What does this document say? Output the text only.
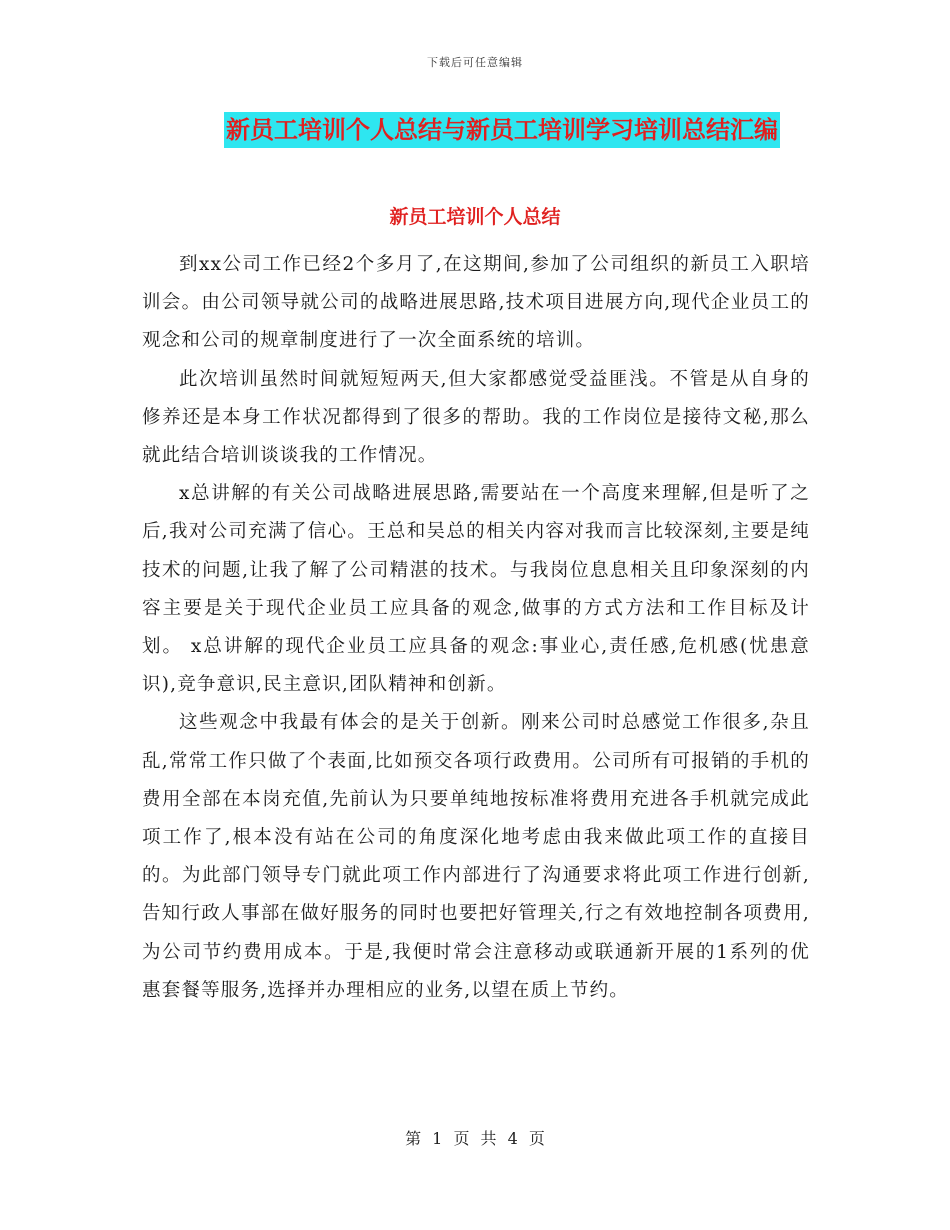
下载后可任意编辑
新员工培训个人总结与新员工培训学习培训总结汇编
新员工培训个人总结

到xx公司工作已经2个多月了,在这期间,参加了公司组织的新员工入职培训会。由公司领导就公司的战略进展思路,技术项目进展方向,现代企业员工的观念和公司的规章制度进行了一次全面系统的培训。

此次培训虽然时间就短短两天,但大家都感觉受益匪浅。不管是从自身的修养还是本身工作状况都得到了很多的帮助。我的工作岗位是接待文秘,那么就此结合培训谈谈我的工作情况。

x总讲解的有关公司战略进展思路,需要站在一个高度来理解,但是听了之后,我对公司充满了信心。王总和吴总的相关内容对我而言比较深刻,主要是纯技术的问题,让我了解了公司精湛的技术。与我岗位息息相关且印象深刻的内容主要是关于现代企业员工应具备的观念,做事的方式方法和工作目标及计划。 x总讲解的现代企业员工应具备的观念:事业心,责任感,危机感(忧患意识),竞争意识,民主意识,团队精神和创新。

这些观念中我最有体会的是关于创新。刚来公司时总感觉工作很多,杂且乱,常常工作只做了个表面,比如预交各项行政费用。公司所有可报销的手机的费用全部在本岗充值,先前认为只要单纯地按标准将费用充进各手机就完成此项工作了,根本没有站在公司的角度深化地考虑由我来做此项工作的直接目的。为此部门领导专门就此项工作内部进行了沟通要求将此项工作进行创新,告知行政人事部在做好服务的同时也要把好管理关,行之有效地控制各项费用,为公司节约费用成本。于是,我便时常会注意移动或联通新开展的1系列的优惠套餐等服务,选择并办理相应的业务,以望在质上节约。

第 1 页 共 4 页
